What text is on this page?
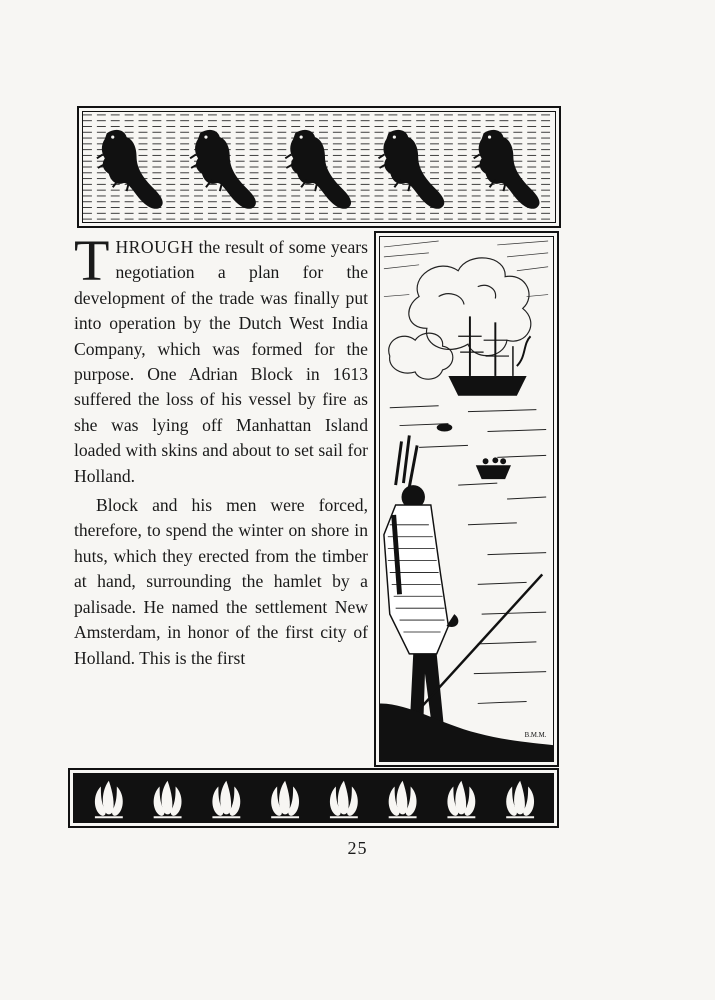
THROUGH the result of some years negotiation a plan for the development of the trade was finally put into operation by the Dutch West India Company, which was formed for the purpose. One Adrian Block in 1613 suffered the loss of his vessel by fire as she was lying off Manhattan Island loaded with skins and about to set sail for Holland.

Block and his men were forced, therefore, to spend the winter on shore in huts, which they erected from the timber at hand, surrounding the hamlet by a palisade. He named the settlement New Amsterdam, in honor of the first city of Holland. This is the first

B.M.M.
25
